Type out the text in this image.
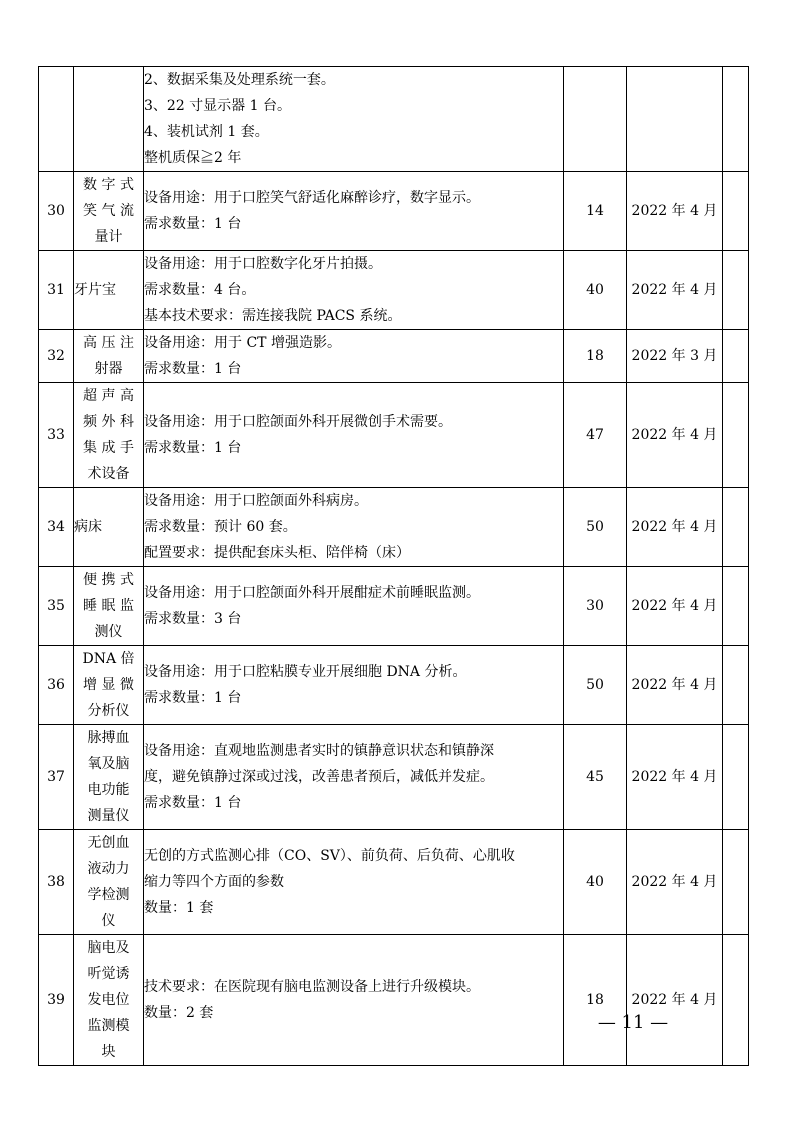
		2、数据采集及处理系统一套。
3、22 寸显示器 1 台。
4、装机试剂 1 套。
整机质保≧2 年			

30	数 字 式
笑 气 流
量计	设备用途：用于口腔笑气舒适化麻醉诊疗，数字显示。
需求数量：1 台	14	2022 年 4 月	
31	牙片宝	设备用途：用于口腔数字化牙片拍摄。
需求数量：4 台。
基本技术要求：需连接我院 PACS 系统。	40	2022 年 4 月	
32	高 压 注
射器	设备用途：用于 CT 增强造影。
需求数量：1 台	18	2022 年 3 月	
33	超 声 高
频 外 科
集 成 手
术设备	设备用途：用于口腔颌面外科开展微创手术需要。
需求数量：1 台	47	2022 年 4 月	
34	病床	设备用途：用于口腔颌面外科病房。
需求数量：预计 60 套。
配置要求：提供配套床头柜、陪伴椅（床）	50	2022 年 4 月	
35	便 携 式
睡 眠 监
测仪	设备用途：用于口腔颌面外科开展酣症术前睡眠监测。
需求数量：3 台	30	2022 年 4 月	
36	DNA 倍
增 显 微
分析仪	设备用途：用于口腔粘膜专业开展细胞 DNA 分析。
需求数量：1 台	50	2022 年 4 月	
37	脉搏血
氧及脑
电功能
测量仪	设备用途：直观地监测患者实时的镇静意识状态和镇静深
度，避免镇静过深或过浅，改善患者预后，减低并发症。
需求数量：1 台	45	2022 年 4 月	
38	无创血
液动力
学检测
仪	无创的方式监测心排（CO、SV）、前负荷、后负荷、心肌收
缩力等四个方面的参数
数量：1 套	40	2022 年 4 月	
39	脑电及
听觉诱
发电位
监测模
块	技术要求：在医院现有脑电监测设备上进行升级模块。
数量：2 套	18	2022 年 4 月	
— 11 —
